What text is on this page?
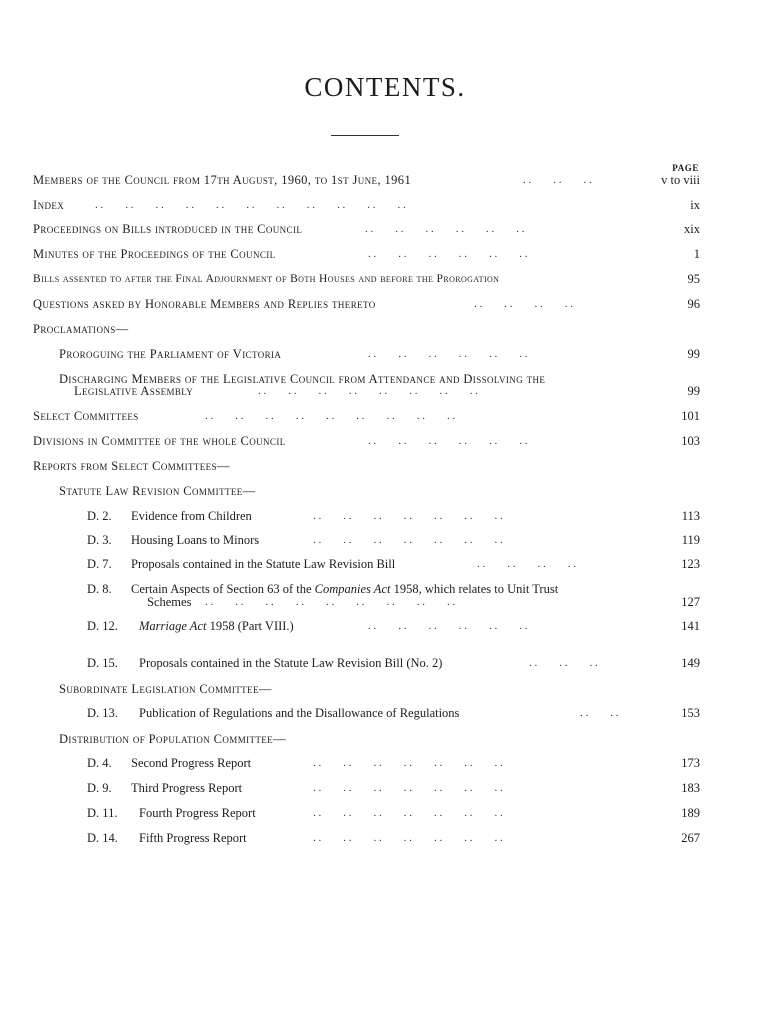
CONTENTS.
PAGE
Members of the Council from 17th August, 1960, to 1st June, 1961	. .        . .        . .	v to viii
Index	. .        . .        . .        . .        . .        . .        . .        . .        . .        . .        . .	ix
Proceedings on Bills introduced in the Council	. .        . .        . .        . .        . .        . .	xix
Minutes of the Proceedings of the Council	. .        . .        . .        . .        . .        . .	1
Bills assented to after the Final Adjournment of Both Houses and before the Prorogation	95
Questions asked by Honorable Members and Replies thereto	. .        . .        . .        . .	96
Proclamations—
Proroguing the Parliament of Victoria	. .        . .        . .        . .        . .        . .	99
Discharging Members of the Legislative Council from Attendance and Dissolving the
Legislative Assembly	. .        . .        . .        . .        . .        . .        . .        . .	99
Select Committees	. .        . .        . .        . .        . .        . .        . .        . .        . .	101
Divisions in Committee of the whole Council	. .        . .        . .        . .        . .        . .	103
Reports from Select Committees—
Statute Law Revision Committee—
D. 2. Evidence from Children	. .        . .        . .        . .        . .        . .        . .	113
D. 3. Housing Loans to Minors	. .        . .        . .        . .        . .        . .        . .	119
D. 7. Proposals contained in the Statute Law Revision Bill	. .        . .        . .        . .	123
D. 8. Certain Aspects of Section 63 of the Companies Act 1958, which relates to Unit Trust
Schemes . .        . .        . .        . .        . .        . .        . .        . .        . .	127
D. 12. Marriage Act 1958 (Part VIII.)	. .        . .        . .        . .        . .        . .	141
D. 15. Proposals contained in the Statute Law Revision Bill (No. 2)	. .        . .        . .	149
Subordinate Legislation Committee—
D. 13. Publication of Regulations and the Disallowance of Regulations	. .        . .	153
Distribution of Population Committee—
D. 4. Second Progress Report	. .        . .        . .        . .        . .        . .        . .	173
D. 9. Third Progress Report	. .        . .        . .        . .        . .        . .        . .	183
D. 11. Fourth Progress Report	. .        . .        . .        . .        . .        . .        . .	189
D. 14. Fifth Progress Report	. .        . .        . .        . .        . .        . .        . .	267
